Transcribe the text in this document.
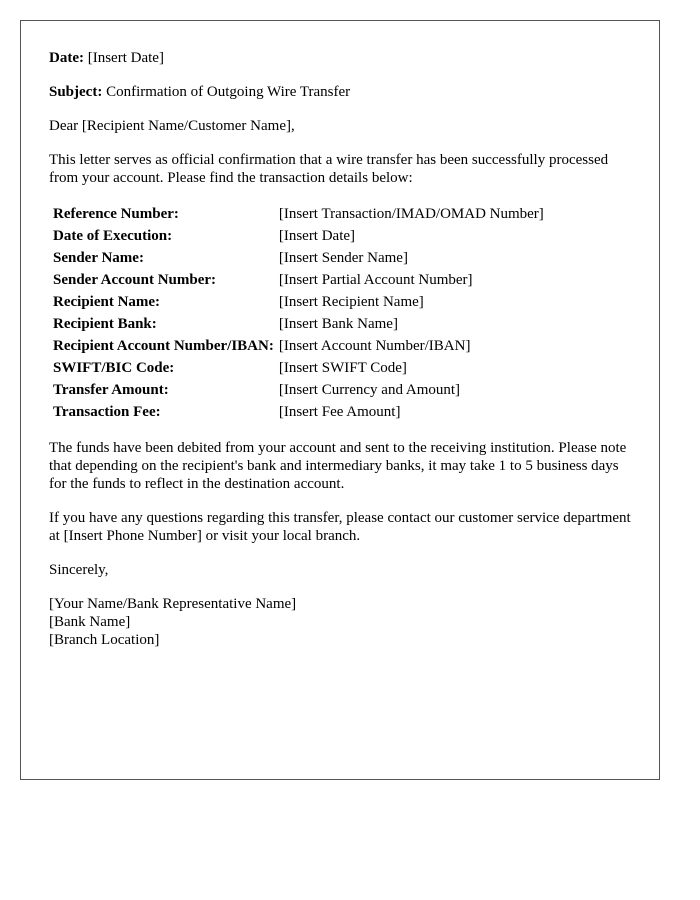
Date: [Insert Date]

Subject: Confirmation of Outgoing Wire Transfer

Dear [Recipient Name/Customer Name],

This letter serves as official confirmation that a wire transfer has been successfully processed from your account. Please find the transaction details below:

Reference Number:	[Insert Transaction/IMAD/OMAD Number]
Date of Execution:	[Insert Date]
Sender Name:	[Insert Sender Name]
Sender Account Number:	[Insert Partial Account Number]
Recipient Name:	[Insert Recipient Name]
Recipient Bank:	[Insert Bank Name]
Recipient Account Number/IBAN:	[Insert Account Number/IBAN]
SWIFT/BIC Code:	[Insert SWIFT Code]
Transfer Amount:	[Insert Currency and Amount]
Transaction Fee:	[Insert Fee Amount]

The funds have been debited from your account and sent to the receiving institution. Please note that depending on the recipient's bank and intermediary banks, it may take 1 to 5 business days for the funds to reflect in the destination account.

If you have any questions regarding this transfer, please contact our customer service department at [Insert Phone Number] or visit your local branch.

Sincerely,

[Your Name/Bank Representative Name]
[Bank Name]
[Branch Location]
